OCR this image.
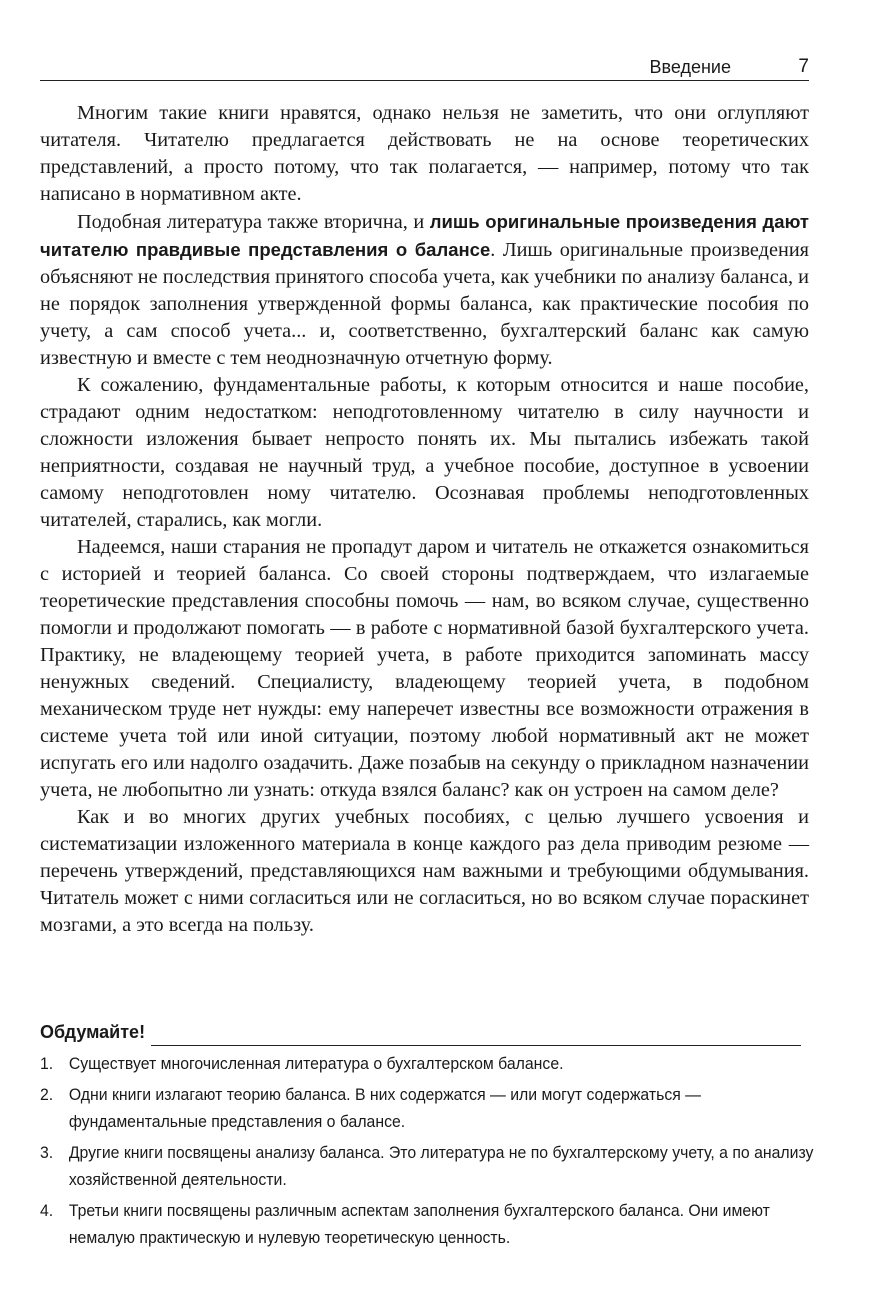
Введение	7

Многим такие книги нравятся, однако нельзя не заметить, что они оглупляют читателя. Читателю предлагается действовать не на основе теоретических представлений, а просто потому, что так полагается, — например, потому что так написано в нормативном акте.

Подобная литература также вторична, и лишь оригинальные произведения дают читателю правдивые представления о балансе. Лишь оригинальные произведения объясняют не последствия принятого способа учета, как учебники по анализу баланса, и не порядок заполнения утвержденной формы баланса, как практические пособия по учету, а сам способ учета... и, соответственно, бухгалтерский баланс как самую известную и вместе с тем неоднозначную отчетную форму.

К сожалению, фундаментальные работы, к которым относится и наше пособие, страдают одним недостатком: неподготовленному читателю в силу научности и сложности изложения бывает непросто понять их. Мы пытались избежать такой неприятности, создавая не научный труд, а учебное пособие, доступное в усвоении самому неподготовлен ному читателю. Осознавая проблемы неподготовленных читателей, старались, как могли.

Надеемся, наши старания не пропадут даром и читатель не откажется ознакомиться с историей и теорией баланса. Со своей стороны подтверждаем, что излагаемые теоретические представления способны помочь — нам, во всяком случае, существенно помогли и продолжают помогать — в работе с нормативной базой бухгалтерского учета. Практику, не владеющему теорией учета, в работе приходится запоминать массу ненужных сведений. Специалисту, владеющему теорией учета, в подобном механическом труде нет нужды: ему наперечет известны все возможности отражения в системе учета той или иной ситуации, поэтому любой нормативный акт не может испугать его или надолго озадачить. Даже позабыв на секунду о прикладном назначении учета, не любопытно ли узнать: откуда взялся баланс? как он устроен на самом деле?

Как и во многих других учебных пособиях, с целью лучшего усвоения и систематизации изложенного материала в конце каждого раз дела приводим резюме — перечень утверждений, представляющихся нам важными и требующими обдумывания. Читатель может с ними согласиться или не согласиться, но во всяком случае пораскинет мозгами, а это всегда на пользу.

Обдумайте!
1. Существует многочисленная литература о бухгалтерском балансе.
2. Одни книги излагают теорию баланса. В них содержатся — или могут содержаться — фундаментальные представления о балансе.
3. Другие книги посвящены анализу баланса. Это литература не по бухгалтерскому учету, а по анализу хозяйственной деятельности.
4. Третьи книги посвящены различным аспектам заполнения бухгалтерского баланса. Они имеют немалую практическую и нулевую теоретическую ценность.
